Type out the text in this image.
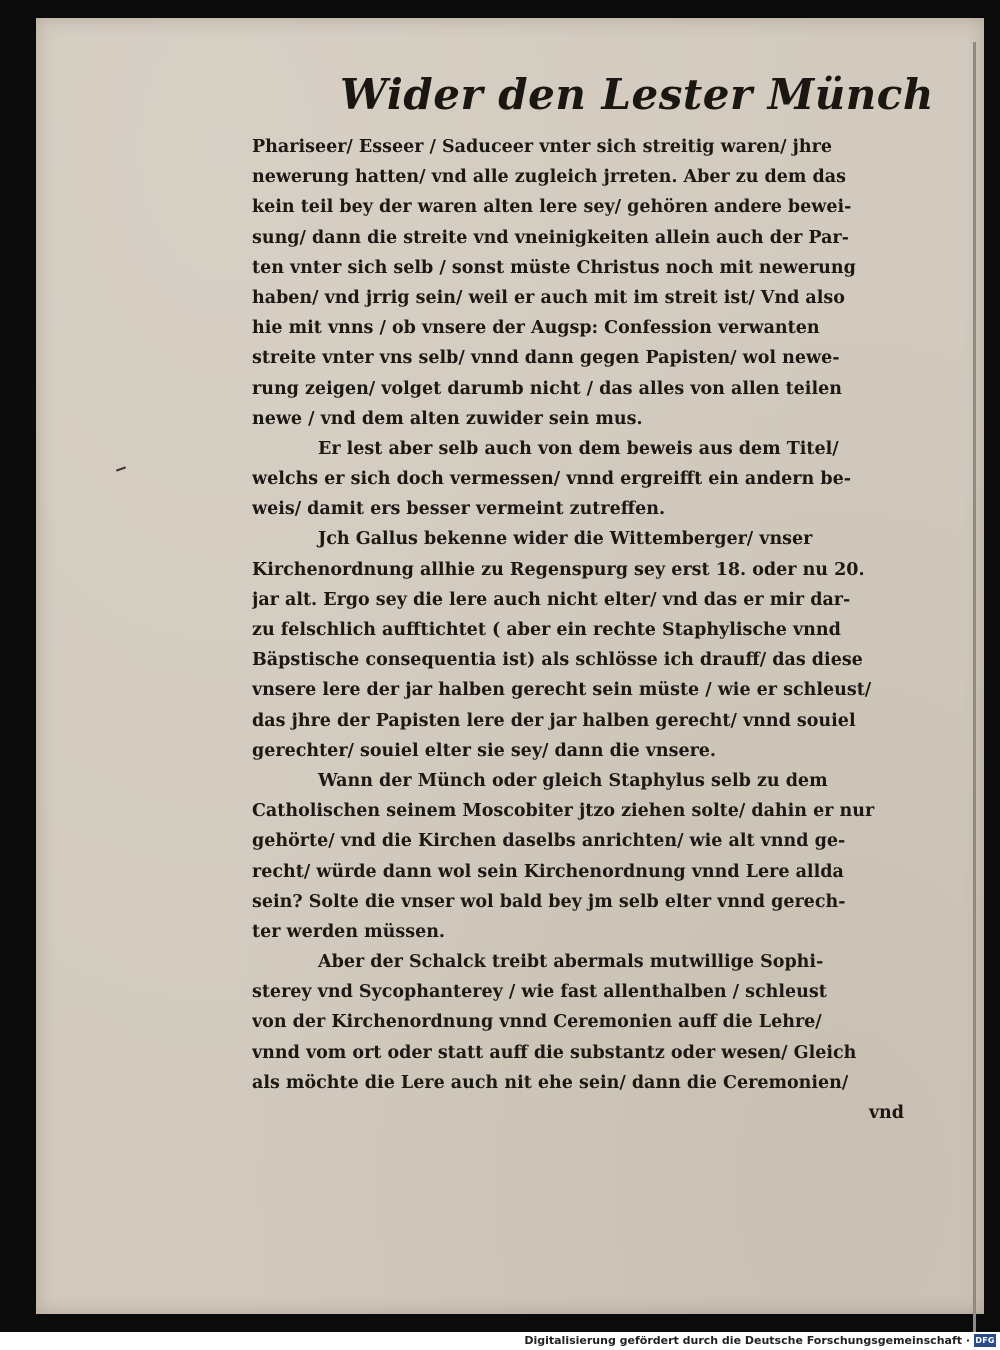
Wider den Lester Münch

Phariseer/ Esseer / Saduceer vnter sich streitig waren/ jhre
newerung hatten/ vnd alle zugleich jrreten. Aber zu dem das
kein teil bey der waren alten lere sey/ gehören andere bewei-
sung/ dann die streite vnd vneinigkeiten allein auch der Par-
ten vnter sich selb / sonst müste Christus noch mit newerung
haben/ vnd jrrig sein/ weil er auch mit im streit ist/ Vnd also
hie mit vnns / ob vnsere der Augsp: Confession verwanten
streite vnter vns selb/ vnnd dann gegen Papisten/ wol newe-
rung zeigen/ volget darumb nicht / das alles von allen teilen
newe / vnd dem alten zuwider sein mus.

Er lest aber selb auch von dem beweis aus dem Titel/
welchs er sich doch vermessen/ vnnd ergreifft ein andern be-
weis/ damit ers besser vermeint zutreffen.

Jch Gallus bekenne wider die Wittemberger/ vnser
Kirchenordnung allhie zu Regenspurg sey erst 18. oder nu 20.
jar alt. Ergo sey die lere auch nicht elter/ vnd das er mir dar-
zu felschlich aufftichtet ( aber ein rechte Staphylische vnnd
Bäpstische consequentia ist) als schlösse ich drauff/ das diese
vnsere lere der jar halben gerecht sein müste / wie er schleust/
das jhre der Papisten lere der jar halben gerecht/ vnnd souiel
gerechter/ souiel elter sie sey/ dann die vnsere.

Wann der Münch oder gleich Staphylus selb zu dem
Catholischen seinem Moscobiter jtzo ziehen solte/ dahin er nur
gehörte/ vnd die Kirchen daselbs anrichten/ wie alt vnnd ge-
recht/ würde dann wol sein Kirchenordnung vnnd Lere allda
sein? Solte die vnser wol bald bey jm selb elter vnnd gerech-
ter werden müssen.

Aber der Schalck treibt abermals mutwillige Sophi-
sterey vnd Sycophanterey / wie fast allenthalben / schleust
von der Kirchenordnung vnnd Ceremonien auff die Lehre/
vnnd vom ort oder statt auff die substantz oder wesen/ Gleich
als möchte die Lere auch nit ehe sein/ dann die Ceremonien/

vnd
Digitalisierung gefördert durch die Deutsche Forschungsgemeinschaft · DFG
